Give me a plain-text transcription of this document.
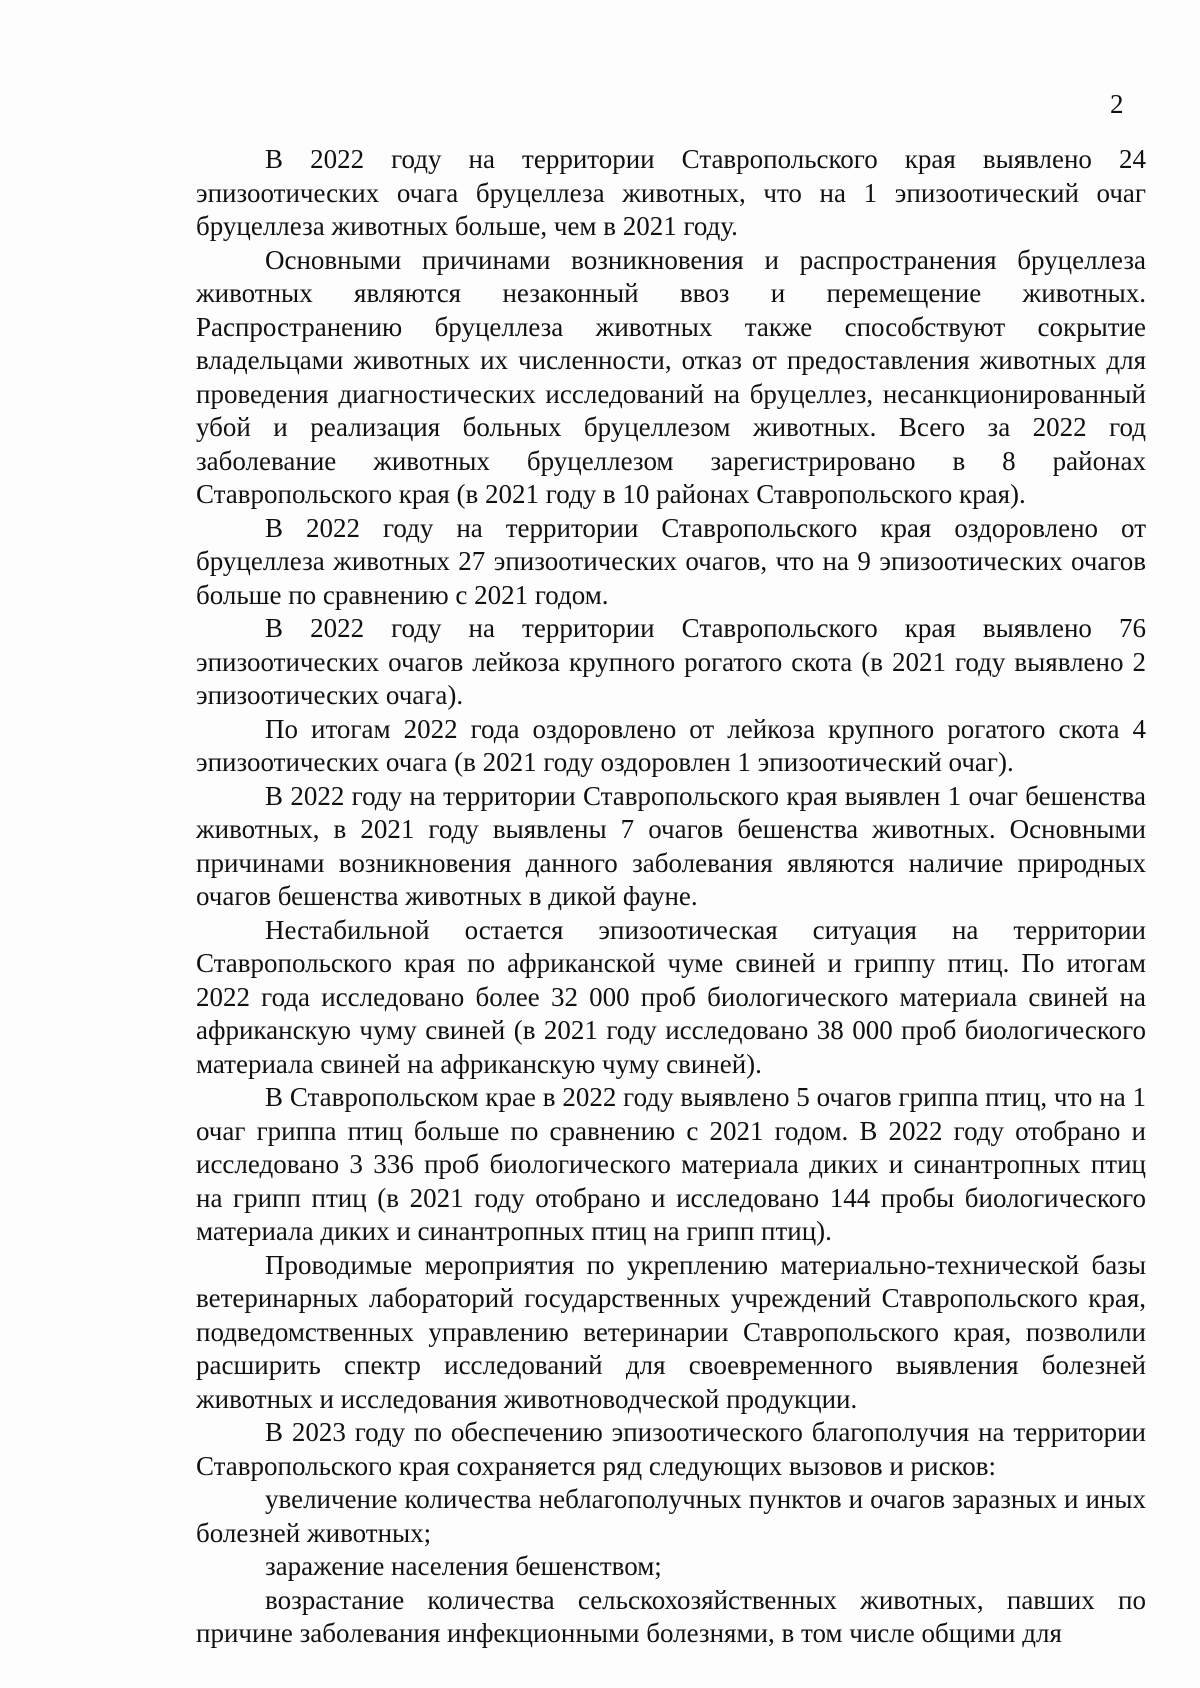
2

В 2022 году на территории Ставропольского края выявлено 24 эпизоотических очага бруцеллеза животных, что на 1 эпизоотический очаг бруцеллеза животных больше, чем в 2021 году.

Основными причинами возникновения и распространения бруцеллеза животных являются незаконный ввоз и перемещение животных. Распространению бруцеллеза животных также способствуют сокрытие владельцами животных их численности, отказ от предоставления животных для проведения диагностических исследований на бруцеллез, несанкционированный убой и реализация больных бруцеллезом животных. Всего за 2022 год заболевание животных бруцеллезом зарегистрировано в 8 районах Ставропольского края (в 2021 году в 10 районах Ставропольского края).

В 2022 году на территории Ставропольского края оздоровлено от бруцеллеза животных 27 эпизоотических очагов, что на 9 эпизоотических очагов больше по сравнению с 2021 годом.

В 2022 году на территории Ставропольского края выявлено 76 эпизоотических очагов лейкоза крупного рогатого скота (в 2021 году выявлено 2 эпизоотических очага).

По итогам 2022 года оздоровлено от лейкоза крупного рогатого скота 4 эпизоотических очага (в 2021 году оздоровлен 1 эпизоотический очаг).

В 2022 году на территории Ставропольского края выявлен 1 очаг бешенства животных, в 2021 году выявлены 7 очагов бешенства животных. Основными причинами возникновения данного заболевания являются наличие природных очагов бешенства животных в дикой фауне.

Нестабильной остается эпизоотическая ситуация на территории Ставропольского края по африканской чуме свиней и гриппу птиц. По итогам 2022 года исследовано более 32 000 проб биологического материала свиней на африканскую чуму свиней (в 2021 году исследовано 38 000 проб биологического материала свиней на африканскую чуму свиней).

В Ставропольском крае в 2022 году выявлено 5 очагов гриппа птиц, что на 1 очаг гриппа птиц больше по сравнению с 2021 годом. В 2022 году отобрано и исследовано 3 336 проб биологического материала диких и синантропных птиц на грипп птиц (в 2021 году отобрано и исследовано 144 пробы биологического материала диких и синантропных птиц на грипп птиц).

Проводимые мероприятия по укреплению материально-технической базы ветеринарных лабораторий государственных учреждений Ставропольского края, подведомственных управлению ветеринарии Ставропольского края, позволили расширить спектр исследований для своевременного выявления болезней животных и исследования животноводческой продукции.

В 2023 году по обеспечению эпизоотического благополучия на территории Ставропольского края сохраняется ряд следующих вызовов и рисков:

увеличение количества неблагополучных пунктов и очагов заразных и иных болезней животных;

заражение населения бешенством;

возрастание количества сельскохозяйственных животных, павших по причине заболевания инфекционными болезнями, в том числе общими для
